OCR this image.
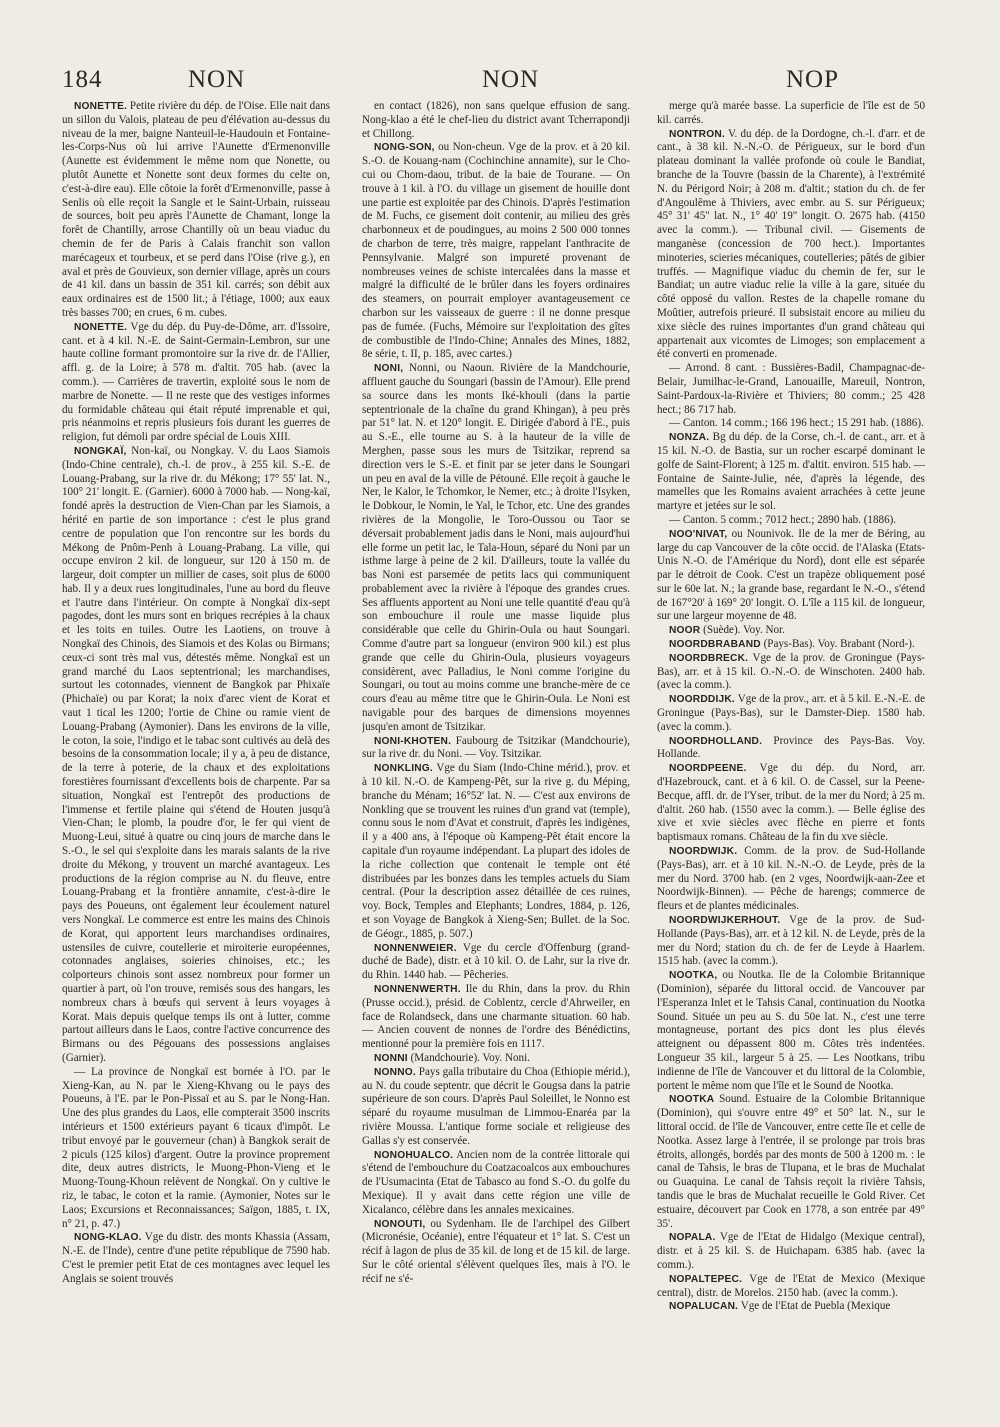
184	NON	NON	NOP

NONETTE. Petite rivière du dép. de l'Oise. Elle nait dans un sillon du Valois, plateau de peu d'élévation au-dessus du niveau de la mer, baigne Nanteuil-le-Haudouin et Fontaine-les-Corps-Nus où lui arrive l'Aunette d'Ermenonville (Aunette est évidemment le même nom que Nonette, ou plutôt Aunette et Nonette sont deux formes du celte on, c'est-à-dire eau). Elle côtoie la forêt d'Ermenonville, passe à Senlis où elle reçoit la Sangle et le Saint-Urbain, ruisseau de sources, boit peu après l'Aunette de Chamant, longe la forêt de Chantilly, arrose Chantilly où un beau viaduc du chemin de fer de Paris à Calais franchit son vallon marécageux et tourbeux, et se perd dans l'Oise (rive g.), en aval et près de Gouvieux, son dernier village, après un cours de 41 kil. dans un bassin de 351 kil. carrés; son débit aux eaux ordinaires est de 1500 lit.; à l'étiage, 1000; aux eaux très basses 700; en crues, 6 m. cubes.

NONETTE. Vge du dép. du Puy-de-Dôme, arr. d'Issoire, cant. et à 4 kil. N.-E. de Saint-Germain-Lembron, sur une haute colline formant promontoire sur la rive dr. de l'Allier, affl. g. de la Loire; à 578 m. d'altit. 705 hab. (avec la comm.). — Carrières de travertin, exploité sous le nom de marbre de Nonette. — Il ne reste que des vestiges informes du formidable château qui était réputé imprenable et qui, pris néanmoins et repris plusieurs fois durant les guerres de religion, fut démoli par ordre spécial de Louis XIII.

NONGKAÏ, Non-kaï, ou Nongkay. V. du Laos Siamois (Indo-Chine centrale), ch.-l. de prov., à 255 kil. S.-E. de Louang-Prabang, sur la rive dr. du Mékong; 17° 55' lat. N., 100° 21' longit. E. (Garnier). 6000 à 7000 hab. — Nong-kaï, fondé après la destruction de Vien-Chan par les Siamois, a hérité en partie de son importance : c'est le plus grand centre de population que l'on rencontre sur les bords du Mékong de Pnôm-Penh à Louang-Prabang. La ville, qui occupe environ 2 kil. de longueur, sur 120 à 150 m. de largeur, doit compter un millier de cases, soit plus de 6000 hab. Il y a deux rues longitudinales, l'une au bord du fleuve et l'autre dans l'intérieur. On compte à Nongkaï dix-sept pagodes, dont les murs sont en briques recrépies à la chaux et les toits en tuiles. Outre les Laotiens, on trouve à Nongkaï des Chinois, des Siamois et des Kolas ou Birmans; ceux-ci sont très mal vus, détestés même. Nongkaï est un grand marché du Laos septentrional; les marchandises, surtout les cotonnades, viennent de Bangkok par Phixaïe (Phichaïe) ou par Korat; la noix d'arec vient de Korat et vaut 1 tical les 1200; l'ortie de Chine ou ramie vient de Louang-Prabang (Aymonier). Dans les environs de la ville, le coton, la soie, l'indigo et le tabac sont cultivés au delà des besoins de la consommation locale; il y a, à peu de distance, de la terre à poterie, de la chaux et des exploitations forestières fournissant d'excellents bois de charpente. Par sa situation, Nongkaï est l'entrepôt des productions de l'immense et fertile plaine qui s'étend de Houten jusqu'à Vien-Chan; le plomb, la poudre d'or, le fer qui vient de Muong-Leui, situé à quatre ou cinq jours de marche dans le S.-O., le sel qui s'exploite dans les marais salants de la rive droite du Mékong, y trouvent un marché avantageux. Les productions de la région comprise au N. du fleuve, entre Louang-Prabang et la frontière annamite, c'est-à-dire le pays des Poueuns, ont également leur écoulement naturel vers Nongkaï. Le commerce est entre les mains des Chinois de Korat, qui apportent leurs marchandises ordinaires, ustensiles de cuivre, coutellerie et miroiterie européennes, cotonnades anglaises, soieries chinoises, etc.; les colporteurs chinois sont assez nombreux pour former un quartier à part, où l'on trouve, remisés sous des hangars, les nombreux chars à bœufs qui servent à leurs voyages à Korat. Mais depuis quelque temps ils ont à lutter, comme partout ailleurs dans le Laos, contre l'active concurrence des Birmans ou des Pégouans des possessions anglaises (Garnier).

— La province de Nongkaï est bornée à l'O. par le Xieng-Kan, au N. par le Xieng-Khvang ou le pays des Poueuns, à l'E. par le Pon-Pissaï et au S. par le Nong-Han. Une des plus grandes du Laos, elle compterait 3500 inscrits intérieurs et 1500 extérieurs payant 6 ticaux d'impôt. Le tribut envoyé par le gouverneur (chan) à Bangkok serait de 2 piculs (125 kilos) d'argent. Outre la province proprement dite, deux autres districts, le Muong-Phon-Vieng et le Muong-Toung-Khoun relèvent de Nongkaï. On y cultive le riz, le tabac, le coton et la ramie. (Aymonier, Notes sur le Laos; Excursions et Reconnaissances; Saïgon, 1885, t. IX, n° 21, p. 47.)

NONG-KLAO. Vge du distr. des monts Khassia (Assam, N.-E. de l'Inde), centre d'une petite république de 7590 hab. C'est le premier petit Etat de ces montagnes avec lequel les Anglais se soient trouvés

en contact (1826), non sans quelque effusion de sang. Nong-klao a été le chef-lieu du district avant Tcherrapondji et Chillong.

NONG-SON, ou Non-cheun. Vge de la prov. et à 20 kil. S.-O. de Kouang-nam (Cochinchine annamite), sur le Cho-cui ou Chom-daou, tribut. de la baie de Tourane. — On trouve à 1 kil. à l'O. du village un gisement de houille dont une partie est exploitée par des Chinois. D'après l'estimation de M. Fuchs, ce gisement doit contenir, au milieu des grès charbonneux et de poudingues, au moins 2 500 000 tonnes de charbon de terre, très maigre, rappelant l'anthracite de Pennsylvanie. Malgré son impureté provenant de nombreuses veines de schiste intercalées dans la masse et malgré la difficulté de le brûler dans les foyers ordinaires des steamers, on pourrait employer avantageusement ce charbon sur les vaisseaux de guerre : il ne donne presque pas de fumée. (Fuchs, Mémoire sur l'exploitation des gîtes de combustible de l'Indo-Chine; Annales des Mines, 1882, 8e série, t. II, p. 185, avec cartes.)

NONI, Nonni, ou Naoun. Rivière de la Mandchourie, affluent gauche du Soungari (bassin de l'Amour). Elle prend sa source dans les monts Iké-khouli (dans la partie septentrionale de la chaîne du grand Khingan), à peu près par 51° lat. N. et 120° longit. E. Dirigée d'abord à l'E., puis au S.-E., elle tourne au S. à la hauteur de la ville de Merghen, passe sous les murs de Tsitzikar, reprend sa direction vers le S.-E. et finit par se jeter dans le Soungari un peu en aval de la ville de Pétouné. Elle reçoit à gauche le Ner, le Kalor, le Tchomkor, le Nemer, etc.; à droite l'Isyken, le Dobkour, le Nomin, le Yal, le Tchor, etc. Une des grandes rivières de la Mongolie, le Toro-Oussou ou Taor se déversait probablement jadis dans le Noni, mais aujourd'hui elle forme un petit lac, le Tala-Houn, séparé du Noni par un isthme large à peine de 2 kil. D'ailleurs, toute la vallée du bas Noni est parsemée de petits lacs qui communiquent probablement avec la rivière à l'époque des grandes crues. Ses affluents apportent au Noni une telle quantité d'eau qu'à son embouchure il roule une masse liquide plus considérable que celle du Ghirin-Oula ou haut Soungari. Comme d'autre part sa longueur (environ 900 kil.) est plus grande que celle du Ghirin-Oula, plusieurs voyageurs considèrent, avec Palladius, le Noni comme l'origine du Soungari, ou tout au moins comme une branche-mère de ce cours d'eau au même titre que le Ghirin-Oula. Le Noni est navigable pour des barques de dimensions moyennes jusqu'en amont de Tsitzikar.

NONI-KHOTEN. Faubourg de Tsitzikar (Mandchourie), sur la rive dr. du Noni. — Voy. Tsitzikar.

NONKLING. Vge du Siam (Indo-Chine mérid.), prov. et à 10 kil. N.-O. de Kampeng-Pêt, sur la rive g. du Méping, branche du Ménam; 16°52' lat. N. — C'est aux environs de Nonkling que se trouvent les ruines d'un grand vat (temple), connu sous le nom d'Avat et construit, d'après les indigènes, il y a 400 ans, à l'époque où Kampeng-Pêt était encore la capitale d'un royaume indépendant. La plupart des idoles de la riche collection que contenait le temple ont été distribuées par les bonzes dans les temples actuels du Siam central. (Pour la description assez détaillée de ces ruines, voy. Bock, Temples and Elephants; Londres, 1884, p. 126, et son Voyage de Bangkok à Xieng-Sen; Bullet. de la Soc. de Géogr., 1885, p. 507.)

NONNENWEIER. Vge du cercle d'Offenburg (grand-duché de Bade), distr. et à 10 kil. O. de Lahr, sur la rive dr. du Rhin. 1440 hab. — Pêcheries.

NONNENWERTH. Ile du Rhin, dans la prov. du Rhin (Prusse occid.), présid. de Coblentz, cercle d'Ahrweiler, en face de Rolandseck, dans une charmante situation. 60 hab. — Ancien couvent de nonnes de l'ordre des Bénédictins, mentionné pour la première fois en 1117.

NONNI (Mandchourie). Voy. Noni.

NONNO. Pays galla tributaire du Choa (Ethiopie mérid.), au N. du coude septentr. que décrit le Gougsa dans la patrie supérieure de son cours. D'après Paul Soleillet, le Nonno est séparé du royaume musulman de Limmou-Enaréa par la rivière Moussa. L'antique forme sociale et religieuse des Gallas s'y est conservée.

NONOHUALCO. Ancien nom de la contrée littorale qui s'étend de l'embouchure du Coatzacoalcos aux embouchures de l'Usumacinta (Etat de Tabasco au fond S.-O. du golfe du Mexique). Il y avait dans cette région une ville de Xicalanco, célèbre dans les annales mexicaines.

NONOUTI, ou Sydenham. Ile de l'archipel des Gilbert (Micronésie, Océanie), entre l'équateur et 1° lat. S. C'est un récif à lagon de plus de 35 kil. de long et de 15 kil. de large. Sur le côté oriental s'élèvent quelques îles, mais à l'O. le récif ne s'é-

merge qu'à marée basse. La superficie de l'île est de 50 kil. carrés.

NONTRON. V. du dép. de la Dordogne, ch.-l. d'arr. et de cant., à 38 kil. N.-N.-O. de Périgueux, sur le bord d'un plateau dominant la vallée profonde où coule le Bandiat, branche de la Touvre (bassin de la Charente), à l'extrémité N. du Périgord Noir; à 208 m. d'altit.; station du ch. de fer d'Angoulême à Thiviers, avec embr. au S. sur Périgueux; 45° 31' 45" lat. N., 1° 40' 19" longit. O. 2675 hab. (4150 avec la comm.). — Tribunal civil. — Gisements de manganèse (concession de 700 hect.). Importantes minoteries, scieries mécaniques, coutelleries; pâtés de gibier truffés. — Magnifique viaduc du chemin de fer, sur le Bandiat; un autre viaduc relie la ville à la gare, située du côté opposé du vallon. Restes de la chapelle romane du Moûtier, autrefois prieuré. Il subsistait encore au milieu du xixe siècle des ruines importantes d'un grand château qui appartenait aux vicomtes de Limoges; son emplacement a été converti en promenade.

— Arrond. 8 cant. : Bussières-Badil, Champagnac-de-Belair, Jumilhac-le-Grand, Lanouaille, Mareuil, Nontron, Saint-Pardoux-la-Rivière et Thiviers; 80 comm.; 25 428 hect.; 86 717 hab.

— Canton. 14 comm.; 166 196 hect.; 15 291 hab. (1886).

NONZA. Bg du dép. de la Corse, ch.-l. de cant., arr. et à 15 kil. N.-O. de Bastia, sur un rocher escarpé dominant le golfe de Saint-Florent; à 125 m. d'altit. environ. 515 hab. — Fontaine de Sainte-Julie, née, d'après la légende, des mamelles que les Romains avaient arrachées à cette jeune martyre et jetées sur le sol.

— Canton. 5 comm.; 7012 hect.; 2890 hab. (1886).

NOO'NIVAT, ou Nounivok. Ile de la mer de Béring, au large du cap Vancouver de la côte occid. de l'Alaska (Etats-Unis N.-O. de l'Amérique du Nord), dont elle est séparée par le détroit de Cook. C'est un trapèze obliquement posé sur le 60e lat. N.; la grande base, regardant le N.-O., s'étend de 167°20' à 169° 20' longit. O. L'île a 115 kil. de longueur, sur une largeur moyenne de 48.

NOOR (Suède). Voy. Nor.

NOORDBRABAND (Pays-Bas). Voy. Brabant (Nord-).

NOORDBRECK. Vge de la prov. de Groningue (Pays-Bas), arr. et à 15 kil. O.-N.-O. de Winschoten. 2400 hab. (avec la comm.).

NOORDDIJK. Vge de la prov., arr. et à 5 kil. E.-N.-E. de Groningue (Pays-Bas), sur le Damster-Diep. 1580 hab. (avec la comm.).

NOORDHOLLAND. Province des Pays-Bas. Voy. Hollande.

NOORDPEENE. Vge du dép. du Nord, arr. d'Hazebrouck, cant. et à 6 kil. O. de Cassel, sur la Peene-Becque, affl. dr. de l'Yser, tribut. de la mer du Nord; à 25 m. d'altit. 260 hab. (1550 avec la comm.). — Belle église des xive et xvie siècles avec flèche en pierre et fonts baptismaux romans. Château de la fin du xve siècle.

NOORDWIJK. Comm. de la prov. de Sud-Hollande (Pays-Bas), arr. et à 10 kil. N.-N.-O. de Leyde, près de la mer du Nord. 3700 hab. (en 2 vges, Noordwijk-aan-Zee et Noordwijk-Binnen). — Pêche de harengs; commerce de fleurs et de plantes médicinales.

NOORDWIJKERHOUT. Vge de la prov. de Sud-Hollande (Pays-Bas), arr. et à 12 kil. N. de Leyde, près de la mer du Nord; station du ch. de fer de Leyde à Haarlem. 1515 hab. (avec la comm.).

NOOTKA, ou Noutka. Ile de la Colombie Britannique (Dominion), séparée du littoral occid. de Vancouver par l'Esperanza Inlet et le Tahsis Canal, continuation du Nootka Sound. Située un peu au S. du 50e lat. N., c'est une terre montagneuse, portant des pics dont les plus élevés atteignent ou dépassent 800 m. Côtes très indentées. Longueur 35 kil., largeur 5 à 25. — Les Nootkans, tribu indienne de l'île de Vancouver et du littoral de la Colombie, portent le même nom que l'île et le Sound de Nootka.

NOOTKA Sound. Estuaire de la Colombie Britannique (Dominion), qui s'ouvre entre 49° et 50° lat. N., sur le littoral occid. de l'île de Vancouver, entre cette île et celle de Nootka. Assez large à l'entrée, il se prolonge par trois bras étroits, allongés, bordés par des monts de 500 à 1200 m. : le canal de Tahsis, le bras de Tlupana, et le bras de Muchalat ou Guaquina. Le canal de Tahsis reçoit la rivière Tahsis, tandis que le bras de Muchalat recueille le Gold River. Cet estuaire, découvert par Cook en 1778, a son entrée par 49° 35'.

NOPALA. Vge de l'Etat de Hidalgo (Mexique central), distr. et à 25 kil. S. de Huichapam. 6385 hab. (avec la comm.).

NOPALTEPEC. Vge de l'Etat de Mexico (Mexique central), distr. de Morelos. 2150 hab. (avec la comm.).

NOPALUCAN. Vge de l'Etat de Puebla (Mexique
